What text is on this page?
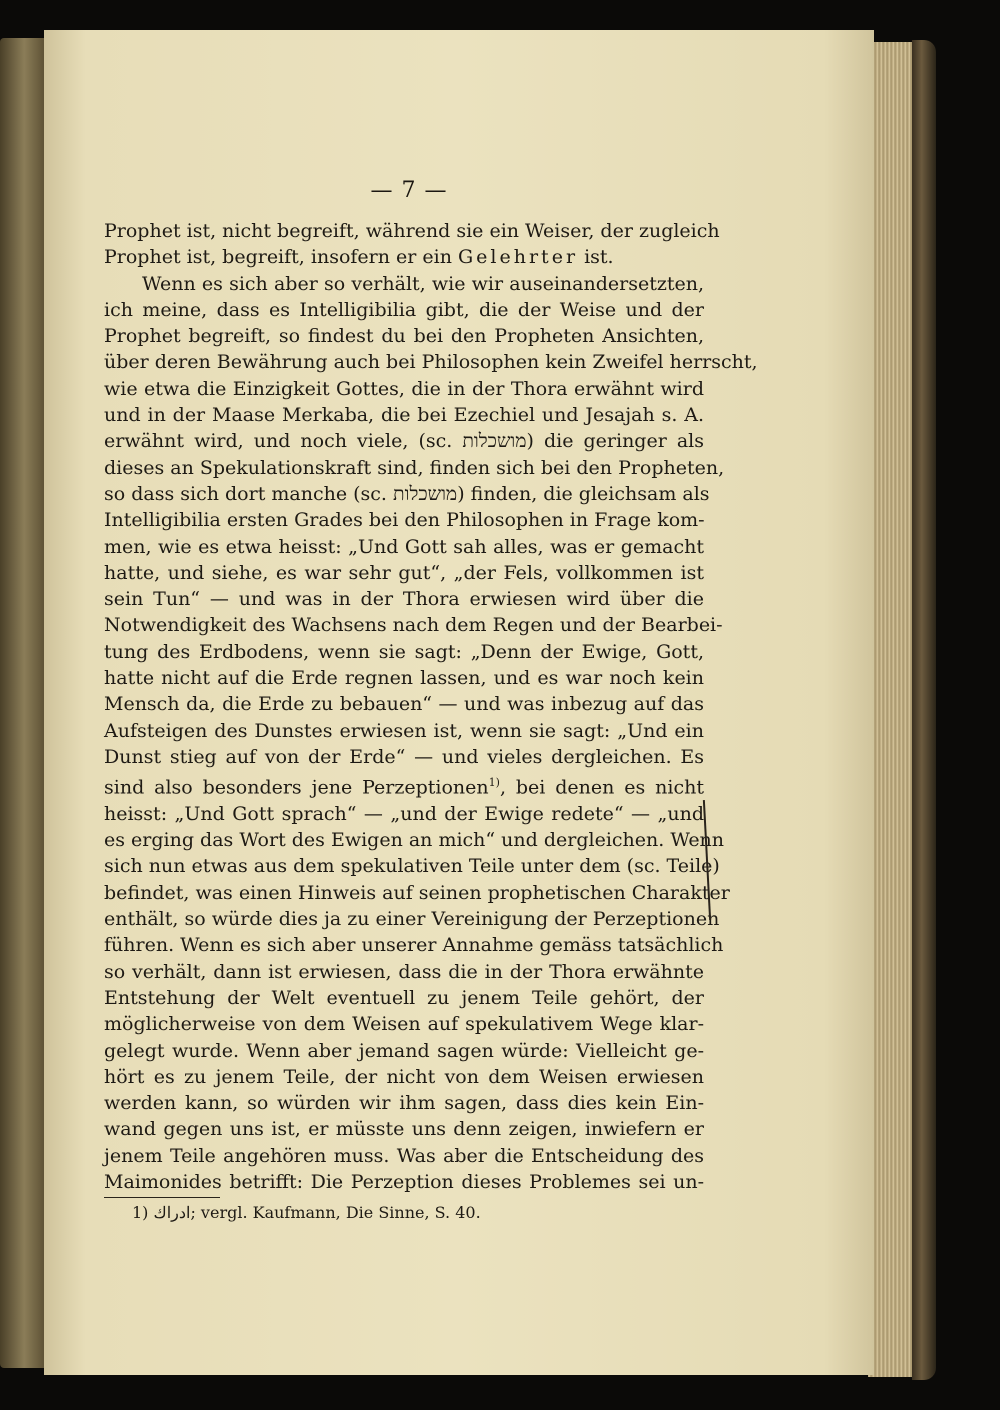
— 7 —
Prophet ist, nicht begreift, während sie ein Weiser, der zugleich
Prophet ist, begreift, insofern er ein Gelehrter ist.
Wenn es sich aber so verhält, wie wir auseinandersetzten,
ich meine, dass es Intelligibilia gibt, die der Weise und der
Prophet begreift, so findest du bei den Propheten Ansichten,
über deren Bewährung auch bei Philosophen kein Zweifel herrscht,
wie etwa die Einzigkeit Gottes, die in der Thora erwähnt wird
und in der Maase Merkaba, die bei Ezechiel und Jesajah s. A.
erwähnt wird, und noch viele, (sc. מושכלות) die geringer als
dieses an Spekulationskraft sind, finden sich bei den Propheten,
so dass sich dort manche (sc. מושכלות) finden, die gleichsam als
Intelligibilia ersten Grades bei den Philosophen in Frage kom-
men, wie es etwa heisst: „Und Gott sah alles, was er gemacht
hatte, und siehe, es war sehr gut“, „der Fels, vollkommen ist
sein Tun“ — und was in der Thora erwiesen wird über die
Notwendigkeit des Wachsens nach dem Regen und der Bearbei-
tung des Erdbodens, wenn sie sagt: „Denn der Ewige, Gott,
hatte nicht auf die Erde regnen lassen, und es war noch kein
Mensch da, die Erde zu bebauen“ — und was inbezug auf das
Aufsteigen des Dunstes erwiesen ist, wenn sie sagt: „Und ein
Dunst stieg auf von der Erde“ — und vieles dergleichen. Es
sind also besonders jene Perzeptionen$^{1)}$, bei denen es nicht
heisst: „Und Gott sprach“ — „und der Ewige redete“ — „und
es erging das Wort des Ewigen an mich“ und dergleichen. Wenn
sich nun etwas aus dem spekulativen Teile unter dem (sc. Teile)
befindet, was einen Hinweis auf seinen prophetischen Charakter
enthält, so würde dies ja zu einer Vereinigung der Perzeptionen
führen. Wenn es sich aber unserer Annahme gemäss tatsächlich
so verhält, dann ist erwiesen, dass die in der Thora erwähnte
Entstehung der Welt eventuell zu jenem Teile gehört, der
möglicherweise von dem Weisen auf spekulativem Wege klar-
gelegt wurde. Wenn aber jemand sagen würde: Vielleicht ge-
hört es zu jenem Teile, der nicht von dem Weisen erwiesen
werden kann, so würden wir ihm sagen, dass dies kein Ein-
wand gegen uns ist, er müsste uns denn zeigen, inwiefern er
jenem Teile angehören muss. Was aber die Entscheidung des
Maimonides betrifft: Die Perzeption dieses Problemes sei un-
1) ادراك; vergl. Kaufmann, Die Sinne, S. 40.
